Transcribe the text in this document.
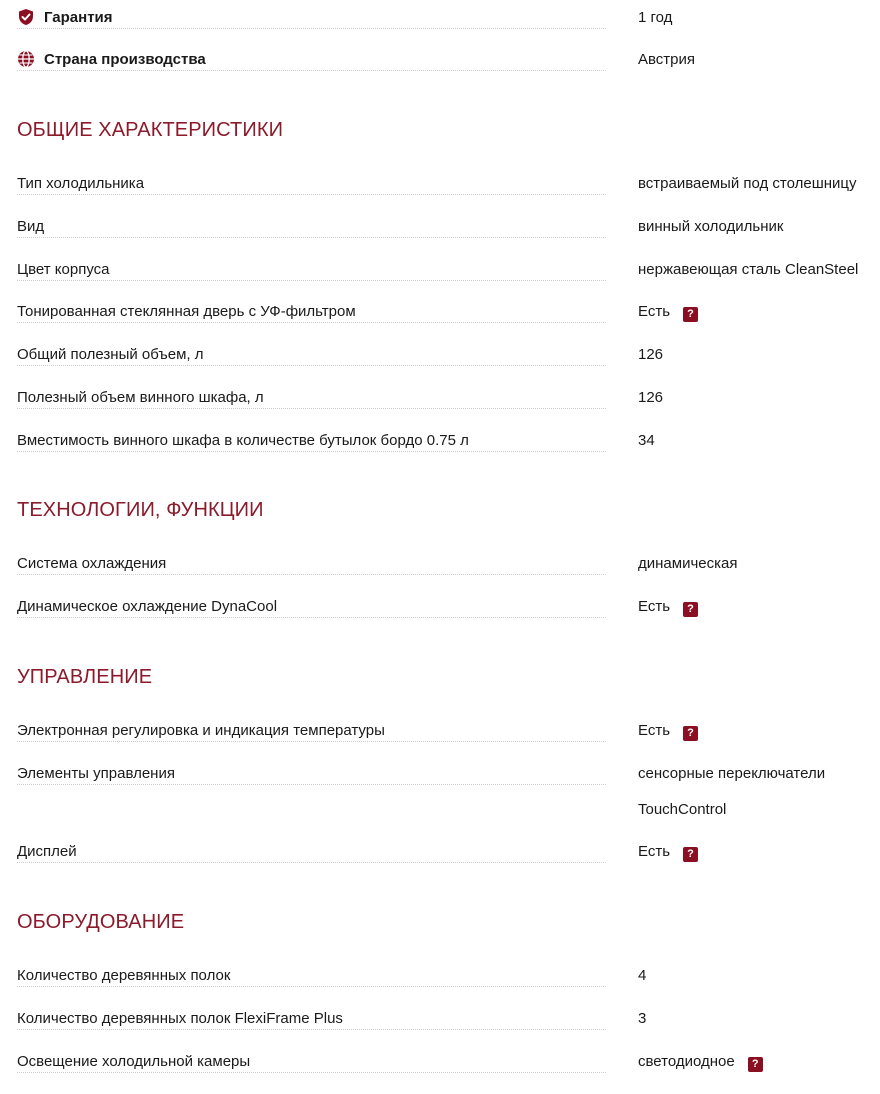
Гарантия	1 год
Страна производства	Австрия
ОБЩИЕ ХАРАКТЕРИСТИКИ
Тип холодильника	встраиваемый под столешницу
Вид	винный холодильник
Цвет корпуса	нержавеющая сталь CleanSteel
Тонированная стеклянная дверь с УФ-фильтром	Есть ?
Общий полезный объем, л	126
Полезный объем винного шкафа, л	126
Вместимость винного шкафа в количестве бутылок бордо 0.75 л	34
ТЕХНОЛОГИИ, ФУНКЦИИ
Система охлаждения	динамическая
Динамическое охлаждение DynaCool	Есть ?
УПРАВЛЕНИЕ
Электронная регулировка и индикация температуры	Есть ?
Элементы управления	сенсорные переключатели
TouchControl
Дисплей	Есть ?
ОБОРУДОВАНИЕ
Количество деревянных полок	4
Количество деревянных полок FlexiFrame Plus	3
Освещение холодильной камеры	светодиодное ?
